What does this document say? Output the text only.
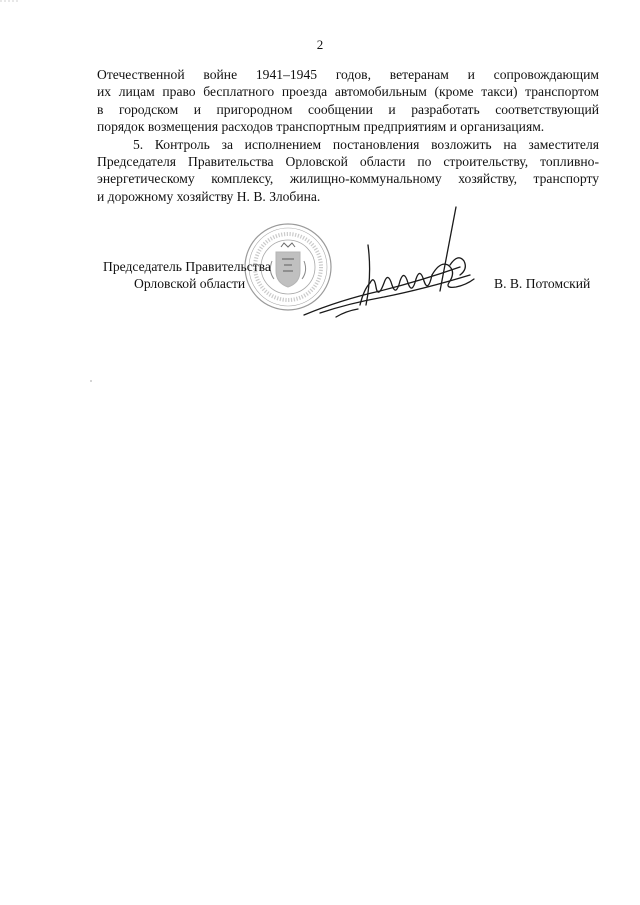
2

Отечественной войне 1941–1945 годов, ветеранам и сопровождающим
их лицам право бесплатного проезда автомобильным (кроме такси) транспортом
в городском и пригородном сообщении и разработать соответствующий
порядок возмещения расходов транспортным предприятиям и организациям.

5. Контроль за исполнением постановления возложить на заместителя
Председателя Правительства Орловской области по строительству, топливно-
энергетическому комплексу, жилищно-коммунальному хозяйству, транспорту
и дорожному хозяйству Н. В. Злобина.

Председатель Правительства
Орловской области	В. В. Потомский
